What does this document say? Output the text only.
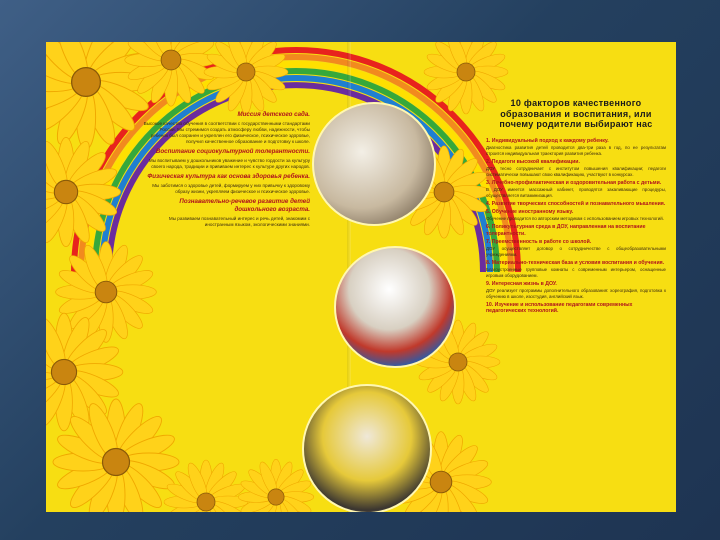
Миссия детского сада.
Высокое качество обучения в соответствии с государственными стандартами России. Мы стремимся создать атмосферу любви, надежности, чтобы ребенок был сохранен и укреплен его физическое, психическое здоровье, получил качественное образование и подготовку к школе.
Воспитание социокультурной толерантности.
Мы воспитываем у дошкольников уважение и чувство гордости за культуру своего народа, традиции и прививаем интерес к культуре других народов.
Физическая культура как основа здоровья ребенка.
Мы заботимся о здоровье детей, формируем у них привычку к здоровому образу жизни, укрепляем физическое и психическое здоровье.
Познавательно-речевое развитие детей дошкольного возраста.
Мы развиваем познавательный интерес и речь детей, знакомим с иностранным языком, экологическими знаниями.
10 факторов качественного образования и воспитания, или почему родители выбирают нас
1. Индивидуальный подход к каждому ребенку.
Диагностика развития детей проводится два-три раза в год, по ее результатам строится индивидуальная траектория развития ребенка.
2. Педагоги высокой квалификации.
ДОУ тесно сотрудничает с институтом повышения квалификации; педагоги систематически повышают свою квалификацию, участвуют в конкурсах.
3. Лечебно-профилактическая и оздоровительная работа с детьми.
В ДОУ имеется массажный кабинет, проводятся закаливающие процедуры, осуществляется витаминизация.
4. Развитие творческих способностей и познавательного мышления.
5. Обучение иностранному языку.
Обучение проводится по авторским методикам с использованием игровых технологий.
6. Поликультурная среда в ДОУ, направленная на воспитание толерантности.
7. Преемственность в работе со школой.
ДОУ осуществляет договор о сотрудничестве с общеобразовательными учреждениями.
8. Материально-техническая база и условия воспитания и обучения.
Благоустроенные групповые комнаты с современным интерьером, оснащенные игровым оборудованием.
9. Интересная жизнь в ДОУ.
ДОУ реализует программы дополнительного образования: хореография, подготовка к обучению в школе, изостудия, английский язык.
10. Изучение и использование педагогами современных педагогических технологий.
